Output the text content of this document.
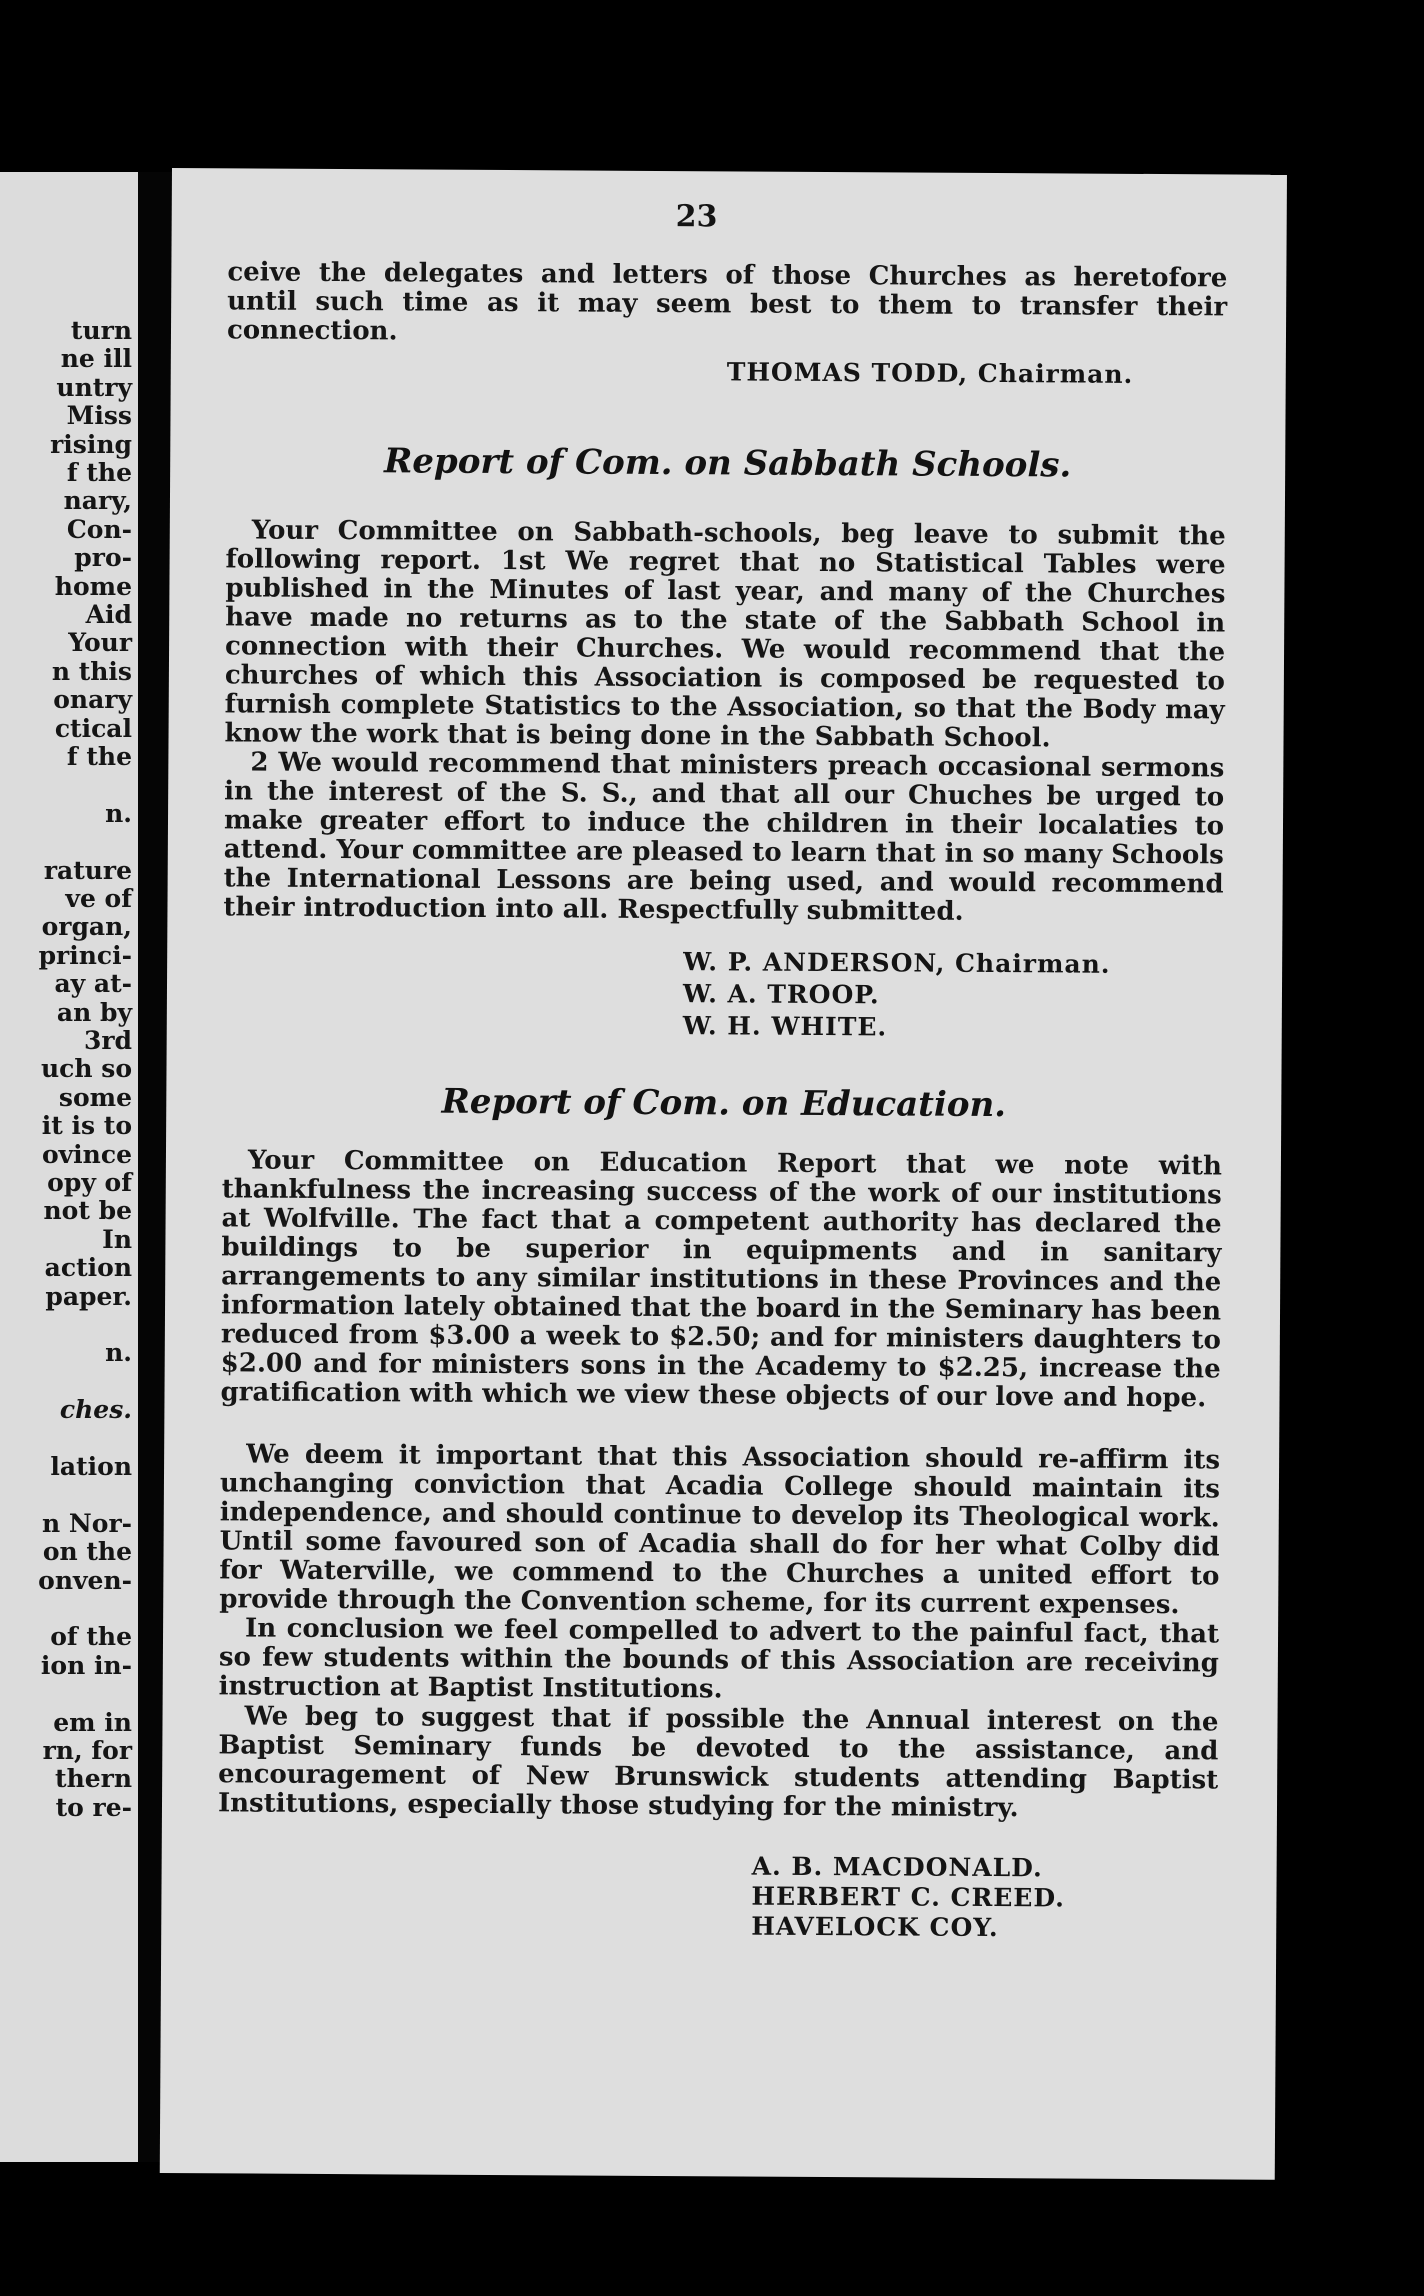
turn
ne ill
untry
Miss
rising
f the
nary,
Con-
pro-
home
Aid
Your
n this
onary
ctical
f the
n.
rature
ve of
organ,
princi-
ay at-
an by
3rd
uch so
some
it is to
ovince
opy of
not be
In
action
paper.
n.
ches.
lation
n Nor-
on the
onven-
of the
ion in-
em in
rn, for
thern
to re-
23
ceive the delegates and letters of those Churches as heretofore until such time as it may seem best to them to transfer their connection.
THOMAS TODD, Chairman.
Report of Com. on Sabbath Schools.
Your Committee on Sabbath-schools, beg leave to submit the following report. 1st We regret that no Statistical Tables were published in the Minutes of last year, and many of the Churches have made no returns as to the state of the Sabbath School in connection with their Churches. We would recommend that the churches of which this Association is composed be requested to furnish complete Statistics to the Association, so that the Body may know the work that is being done in the Sabbath School.
2 We would recommend that ministers preach occasional sermons in the interest of the S. S., and that all our Chuches be urged to make greater effort to induce the children in their localaties to attend. Your committee are pleased to learn that in so many Schools the International Lessons are being used, and would recommend their introduction into all. Respectfully submitted.
W. P. ANDERSON, Chairman.
W. A. TROOP.
W. H. WHITE.
Report of Com. on Education.
Your Committee on Education Report that we note with thankfulness the increasing success of the work of our institutions at Wolfville. The fact that a competent authority has declared the buildings to be superior in equipments and in sanitary arrangements to any similar institutions in these Provinces and the information lately obtained that the board in the Seminary has been reduced from $3.00 a week to $2.50; and for ministers daughters to $2.00 and for ministers sons in the Academy to $2.25, increase the gratification with which we view these objects of our love and hope.
We deem it important that this Association should re-affirm its unchanging conviction that Acadia College should maintain its independence, and should continue to develop its Theological work. Until some favoured son of Acadia shall do for her what Colby did for Waterville, we commend to the Churches a united effort to provide through the Convention scheme, for its current expenses.
In conclusion we feel compelled to advert to the painful fact, that so few students within the bounds of this Association are receiving instruction at Baptist Institutions.
We beg to suggest that if possible the Annual interest on the Baptist Seminary funds be devoted to the assistance, and encouragement of New Brunswick students attending Baptist Institutions, especially those studying for the ministry.
A. B. MACDONALD.
HERBERT C. CREED.
HAVELOCK COY.
